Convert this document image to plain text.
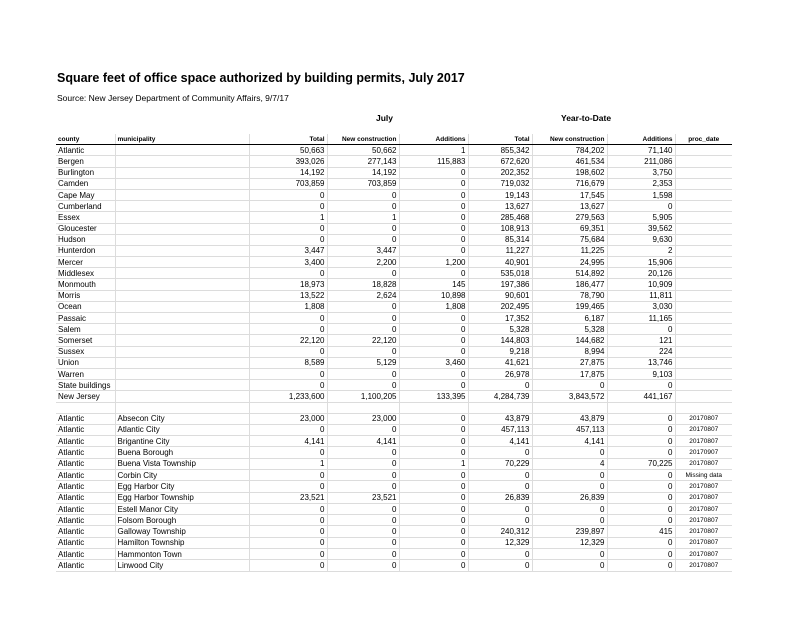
Square feet of office space authorized by building permits, July 2017
Source: New Jersey Department of Community Affairs, 9/7/17
July	Year-to-Date
county	municipality	Total	New construction	Additions	Total	New construction	Additions	proc_date
Atlantic		50,663	50,662	1	855,342	784,202	71,140	
Bergen		393,026	277,143	115,883	672,620	461,534	211,086	
Burlington		14,192	14,192	0	202,352	198,602	3,750	
Camden		703,859	703,859	0	719,032	716,679	2,353	
Cape May		0	0	0	19,143	17,545	1,598	
Cumberland		0	0	0	13,627	13,627	0	
Essex		1	1	0	285,468	279,563	5,905	
Gloucester		0	0	0	108,913	69,351	39,562	
Hudson		0	0	0	85,314	75,684	9,630	
Hunterdon		3,447	3,447	0	11,227	11,225	2	
Mercer		3,400	2,200	1,200	40,901	24,995	15,906	
Middlesex		0	0	0	535,018	514,892	20,126	
Monmouth		18,973	18,828	145	197,386	186,477	10,909	
Morris		13,522	2,624	10,898	90,601	78,790	11,811	
Ocean		1,808	0	1,808	202,495	199,465	3,030	
Passaic		0	0	0	17,352	6,187	11,165	
Salem		0	0	0	5,328	5,328	0	
Somerset		22,120	22,120	0	144,803	144,682	121	
Sussex		0	0	0	9,218	8,994	224	
Union		8,589	5,129	3,460	41,621	27,875	13,746	
Warren		0	0	0	26,978	17,875	9,103	
State buildings		0	0	0	0	0	0	
New Jersey		1,233,600	1,100,205	133,395	4,284,739	3,843,572	441,167	

Atlantic	Absecon City	23,000	23,000	0	43,879	43,879	0	20170807
Atlantic	Atlantic City	0	0	0	457,113	457,113	0	20170807
Atlantic	Brigantine City	4,141	4,141	0	4,141	4,141	0	20170807
Atlantic	Buena Borough	0	0	0	0	0	0	20170907
Atlantic	Buena Vista Township	1	0	1	70,229	4	70,225	20170807
Atlantic	Corbin City	0	0	0	0	0	0	Missing data
Atlantic	Egg Harbor City	0	0	0	0	0	0	20170807
Atlantic	Egg Harbor Township	23,521	23,521	0	26,839	26,839	0	20170807
Atlantic	Estell Manor City	0	0	0	0	0	0	20170807
Atlantic	Folsom Borough	0	0	0	0	0	0	20170807
Atlantic	Galloway Township	0	0	0	240,312	239,897	415	20170807
Atlantic	Hamilton Township	0	0	0	12,329	12,329	0	20170807
Atlantic	Hammonton Town	0	0	0	0	0	0	20170807
Atlantic	Linwood City	0	0	0	0	0	0	20170807
